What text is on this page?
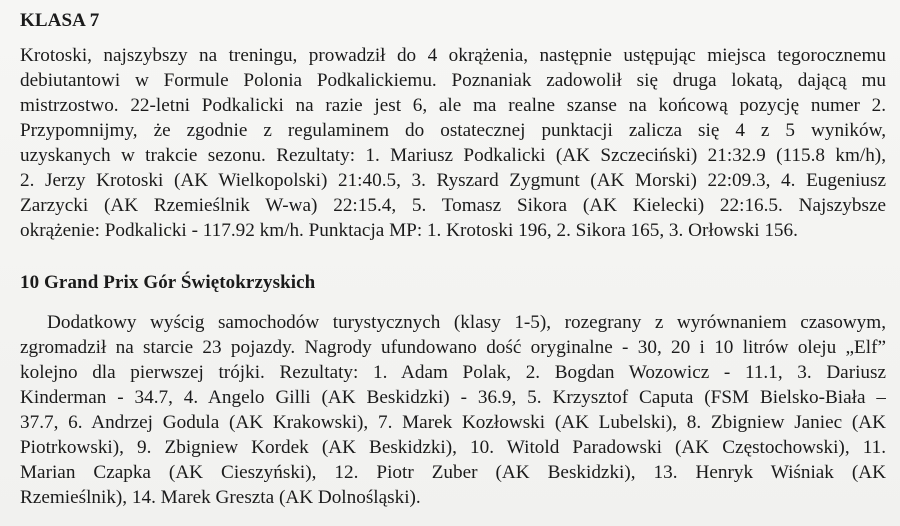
KLASA 7
Krotoski, najszybszy na treningu, prowadził do 4 okrążenia, następnie ustępując miejsca tegorocznemu
debiutantowi w Formule Polonia Podkalickiemu. Poznaniak zadowolił się druga lokatą, dającą mu
mistrzostwo. 22-letni Podkalicki na razie jest 6, ale ma realne szanse na końcową pozycję numer 2.
Przypomnijmy, że zgodnie z regulaminem do ostatecznej punktacji zalicza się 4 z 5 wyników,
uzyskanych w trakcie sezonu. Rezultaty: 1. Mariusz Podkalicki (AK Szczeciński) 21:32.9 (115.8 km/h),
2. Jerzy Krotoski (AK Wielkopolski) 21:40.5, 3. Ryszard Zygmunt (AK Morski) 22:09.3, 4. Eugeniusz
Zarzycki (AK Rzemieślnik W-wa) 22:15.4, 5. Tomasz Sikora (AK Kielecki) 22:16.5. Najszybsze
okrążenie: Podkalicki - 117.92 km/h. Punktacja MP: 1. Krotoski 196, 2. Sikora 165, 3. Orłowski 156.
10 Grand Prix Gór Świętokrzyskich
Dodatkowy wyścig samochodów turystycznych (klasy 1-5), rozegrany z wyrównaniem czasowym,
zgromadził na starcie 23 pojazdy. Nagrody ufundowano dość oryginalne - 30, 20 i 10 litrów oleju „Elf”
kolejno dla pierwszej trójki. Rezultaty: 1. Adam Polak, 2. Bogdan Wozowicz - 11.1, 3. Dariusz
Kinderman - 34.7, 4. Angelo Gilli (AK Beskidzki) - 36.9, 5. Krzysztof Caputa (FSM Bielsko-Biała –
37.7, 6. Andrzej Godula (AK Krakowski), 7. Marek Kozłowski (AK Lubelski), 8. Zbigniew Janiec (AK
Piotrkowski), 9. Zbigniew Kordek (AK Beskidzki), 10. Witold Paradowski (AK Częstochowski), 11.
Marian Czapka (AK Cieszyński), 12. Piotr Zuber (AK Beskidzki), 13. Henryk Wiśniak (AK
Rzemieślnik), 14. Marek Greszta (AK Dolnośląski).
